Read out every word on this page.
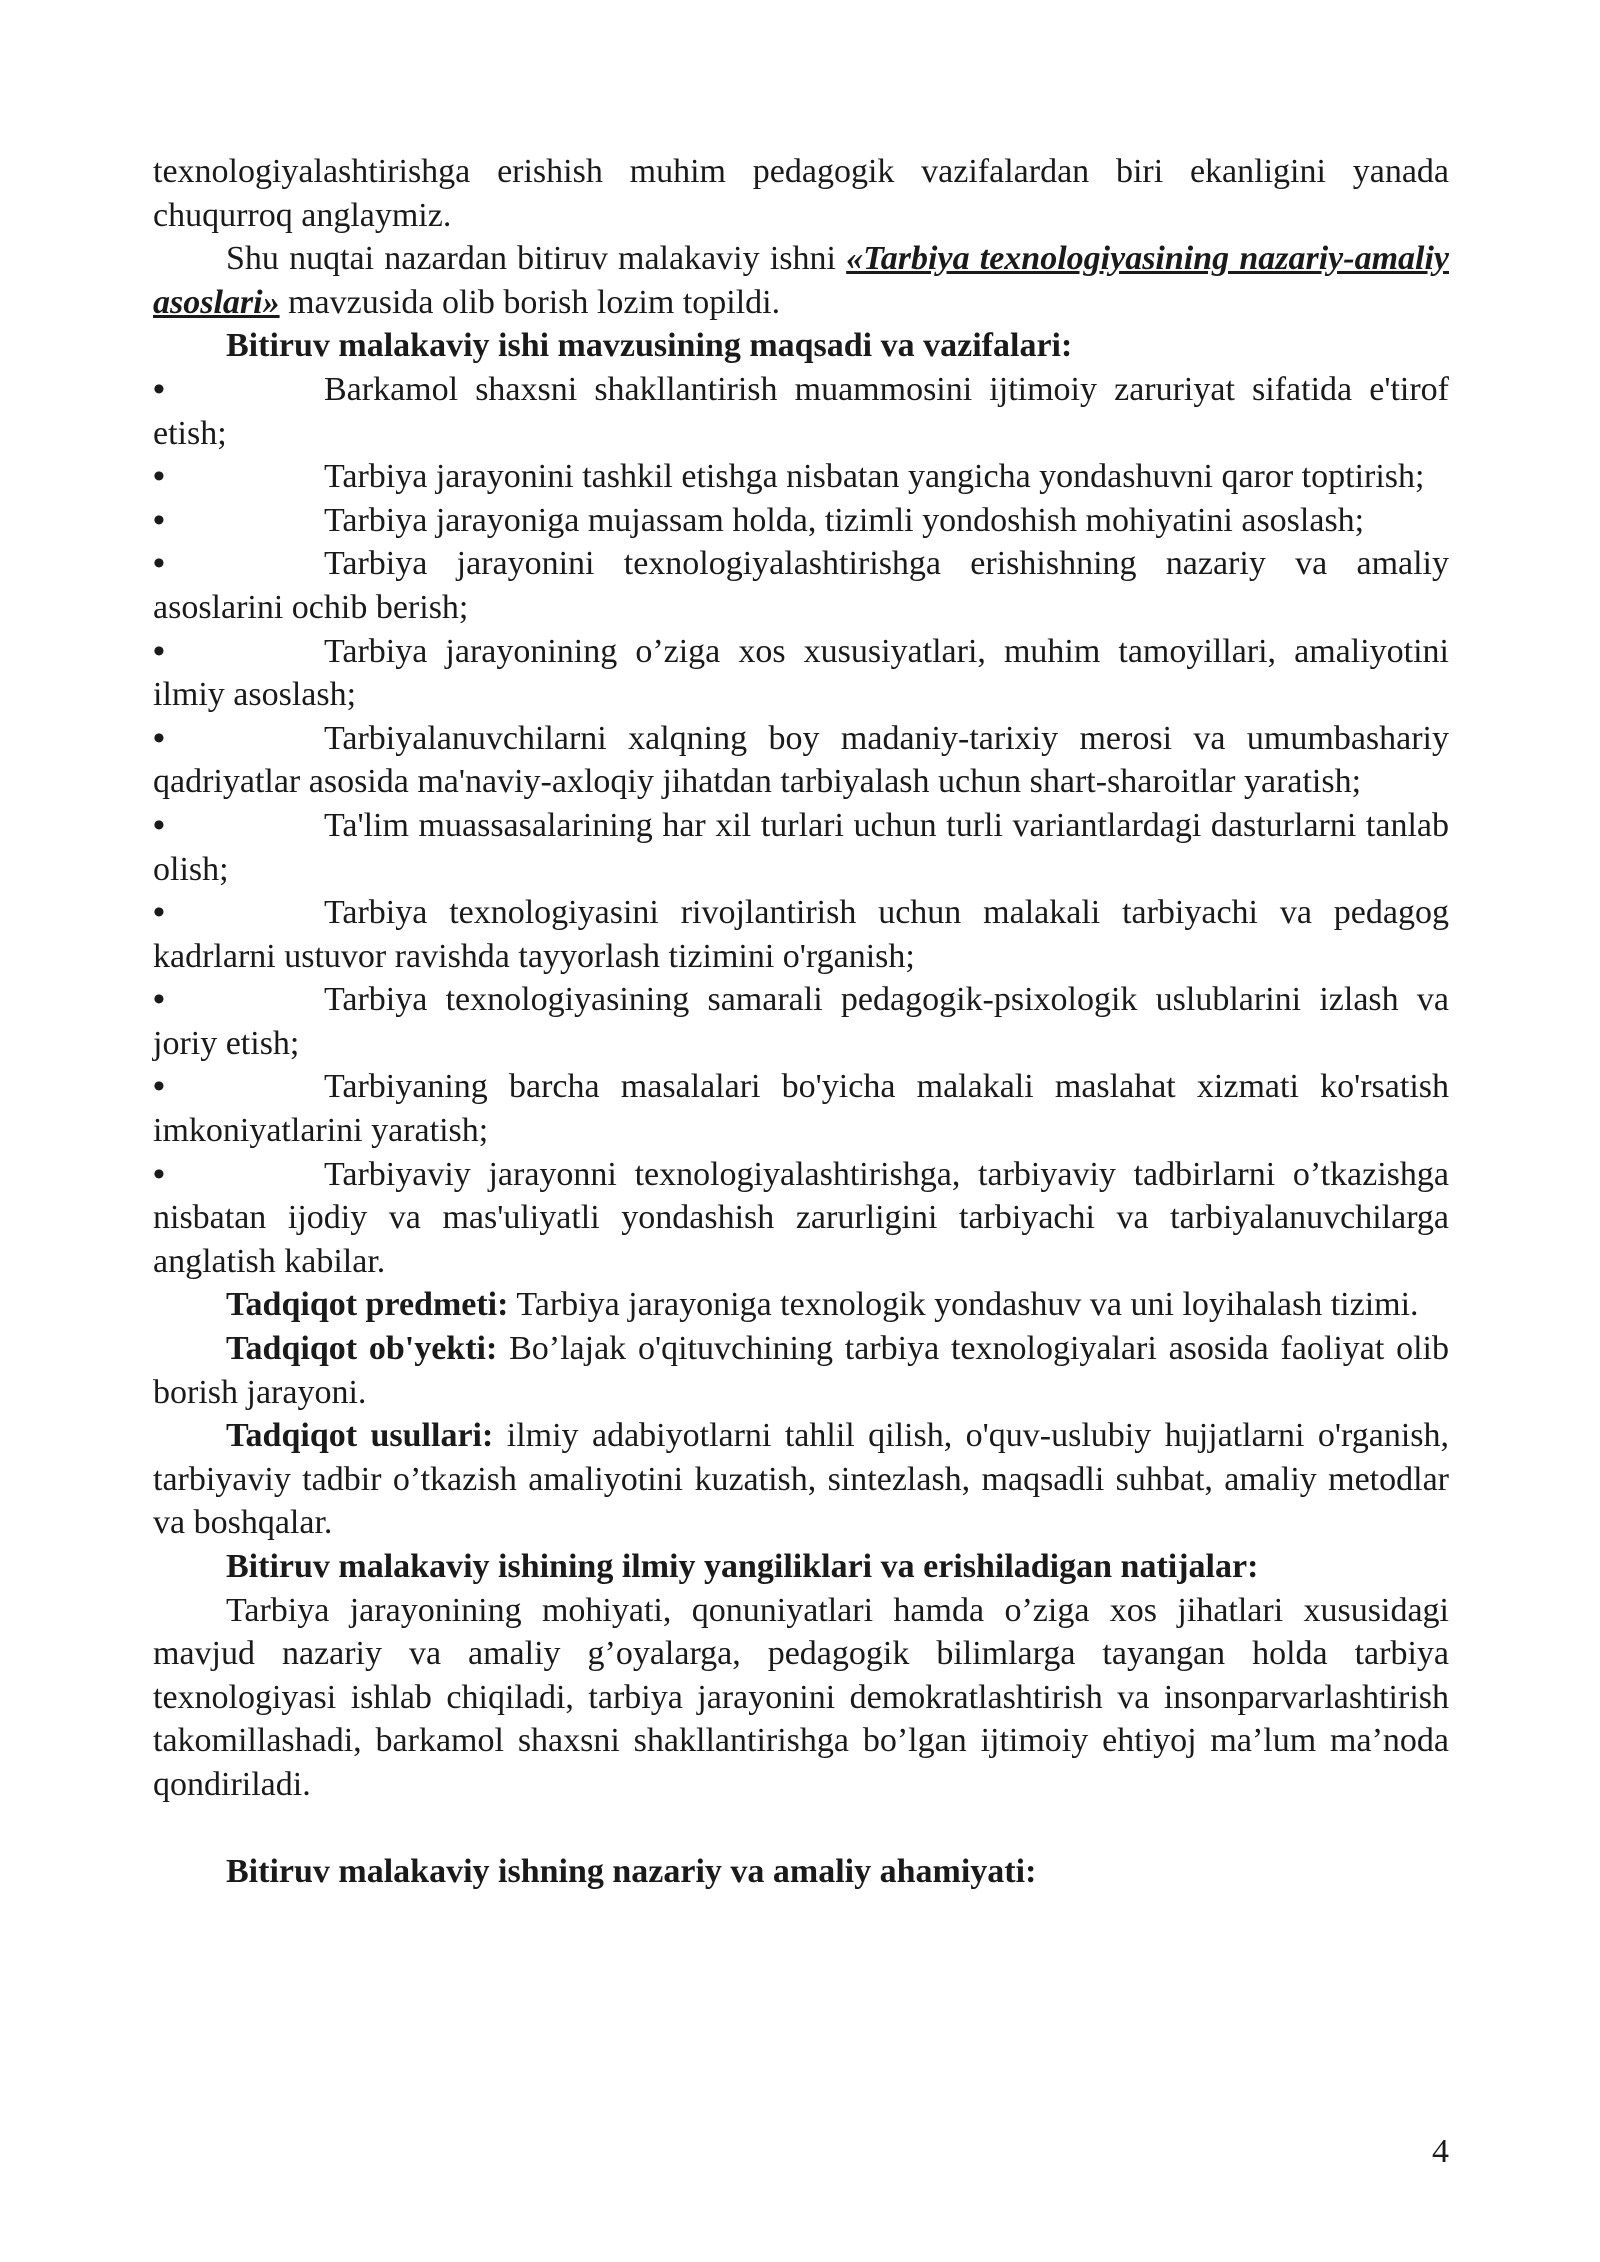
texnologiyalashtirishga erishish muhim pedagogik vazifalardan biri ekanligini yanada chuqurroq anglaymiz.

Shu nuqtai nazardan bitiruv malakaviy ishni «Tarbiya texnologiyasining nazariy-amaliy asoslari» mavzusida olib borish lozim topildi.

Bitiruv malakaviy ishi mavzusining maqsadi va vazifalari:

•	Barkamol shaxsni shakllantirish muammosini ijtimoiy zaruriyat sifatida e'tirof etish;

•	Tarbiya jarayonini tashkil etishga nisbatan yangicha yondashuvni qaror toptirish;

•	Tarbiya jarayoniga mujassam holda, tizimli yondoshish mohiyatini asoslash;

•	Tarbiya jarayonini texnologiyalashtirishga erishishning nazariy va amaliy asoslarini ochib berish;

•	Tarbiya jarayonining o’ziga xos xususiyatlari, muhim tamoyillari, amaliyotini ilmiy asoslash;

•	Tarbiyalanuvchilarni xalqning boy madaniy-tarixiy merosi va umumbashariy qadriyatlar asosida ma'naviy-axloqiy jihatdan tarbiyalash uchun shart-sharoitlar yaratish;

•	Ta'lim muassasalarining har xil turlari uchun turli variantlardagi dasturlarni tanlab olish;

•	Tarbiya texnologiyasini rivojlantirish uchun malakali tarbiyachi va pedagog kadrlarni ustuvor ravishda tayyorlash tizimini o'rganish;

•	Tarbiya texnologiyasining samarali pedagogik-psixologik uslublarini izlash va joriy etish;

•	Tarbiyaning barcha masalalari bo'yicha malakali maslahat xizmati ko'rsatish imkoniyatlarini yaratish;

•	Tarbiyaviy jarayonni texnologiyalashtirishga, tarbiyaviy tadbirlarni o’tkazishga nisbatan ijodiy va mas'uliyatli yondashish zarurligini tarbiyachi va tarbiyalanuvchilarga anglatish kabilar.

Tadqiqot predmeti: Tarbiya jarayoniga texnologik yondashuv va uni loyihalash tizimi.

Tadqiqot ob'yekti: Bo’lajak o'qituvchining tarbiya texnologiyalari asosida faoliyat olib borish jarayoni.

Tadqiqot usullari: ilmiy adabiyotlarni tahlil qilish, o'quv-uslubiy hujjatlarni o'rganish, tarbiyaviy tadbir o’tkazish amaliyotini kuzatish, sintezlash, maqsadli suhbat, amaliy metodlar va boshqalar.

Bitiruv malakaviy ishining ilmiy yangiliklari va erishiladigan natijalar:

Tarbiya jarayonining mohiyati, qonuniyatlari hamda o’ziga xos jihatlari xususidagi mavjud nazariy va amaliy g’oyalarga, pedagogik bilimlarga tayangan holda tarbiya texnologiyasi ishlab chiqiladi, tarbiya jarayonini demokratlashtirish va insonparvarlashtirish takomillashadi, barkamol shaxsni shakllantirishga bo’lgan ijtimoiy ehtiyoj ma’lum ma’noda qondiriladi.

Bitiruv malakaviy ishning nazariy va amaliy ahamiyati:

4
